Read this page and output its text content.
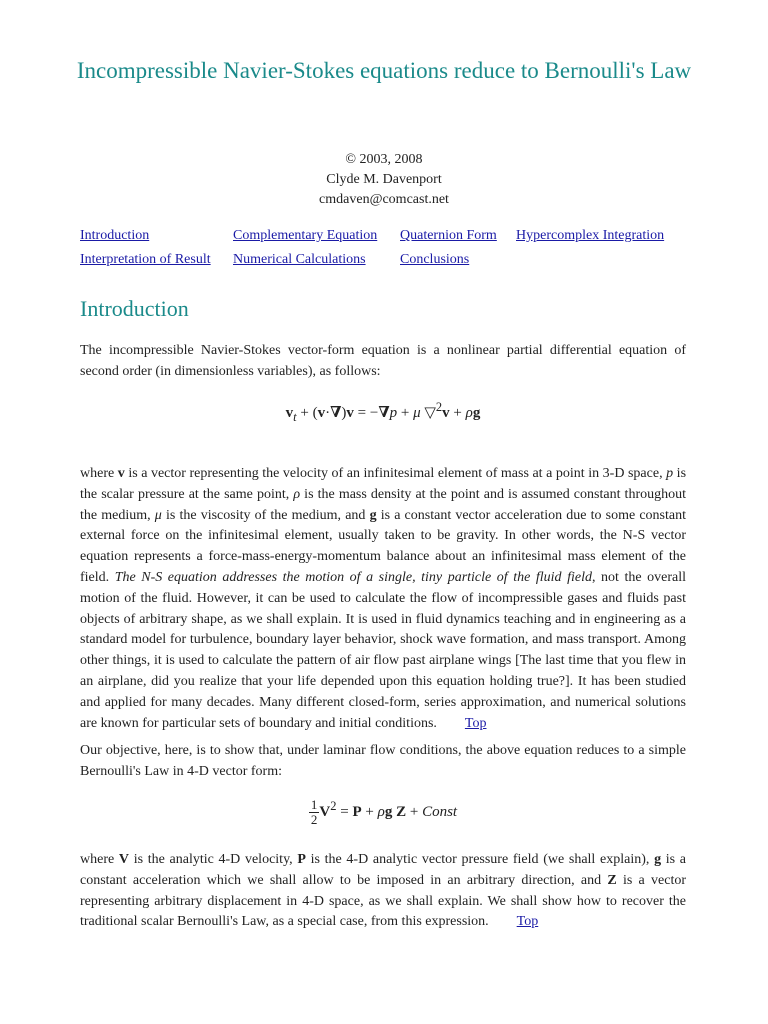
Incompressible Navier-Stokes equations reduce to Bernoulli's Law
© 2003, 2008
Clyde M. Davenport
cmdaven@comcast.net
Introduction	Complementary Equation Quaternion Form Hypercomplex Integration
Interpretation of Result Numerical Calculations Conclusions
Introduction

The incompressible Navier-Stokes vector-form equation is a nonlinear partial differential equation of second order (in dimensionless variables), as follows:

$v_t + (v\cdot\nabla)v = -\nabla p + \mu$ ▽$^2$v + ρg

where v is a vector representing the velocity of an infinitesimal element of mass at a point in 3-D space, p is the scalar pressure at the same point, ρ is the mass density at the point and is assumed constant throughout the medium, μ is the viscosity of the medium, and g is a constant vector acceleration due to some constant external force on the infinitesimal element, usually taken to be gravity. In other words, the N-S vector equation represents a force-mass-energy-momentum balance about an infinitesimal mass element of the field. The N-S equation addresses the motion of a single, tiny particle of the fluid field, not the overall motion of the fluid. However, it can be used to calculate the flow of incompressible gases and fluids past objects of arbitrary shape, as we shall explain. It is used in fluid dynamics teaching and in engineering as a standard model for turbulence, boundary layer behavior, shock wave formation, and mass transport. Among other things, it is used to calculate the pattern of air flow past airplane wings [The last time that you flew in an airplane, did you realize that your life depended upon this equation holding true?]. It has been studied and applied for many decades. Many different closed-form, series approximation, and numerical solutions are known for particular sets of boundary and initial conditions. Top

Our objective, here, is to show that, under laminar flow conditions, the above equation reduces to a simple Bernoulli's Law in 4-D vector form:

$\frac{1}{2} V^2 = P + \rho g$ Z + Const

where V is the analytic 4-D velocity, P is the 4-D analytic vector pressure field (we shall explain), g is a constant acceleration which we shall allow to be imposed in an arbitrary direction, and Z is a vector representing arbitrary displacement in 4-D space, as we shall explain. We shall show how to recover the traditional scalar Bernoulli's Law, as a special case, from this expression. Top
